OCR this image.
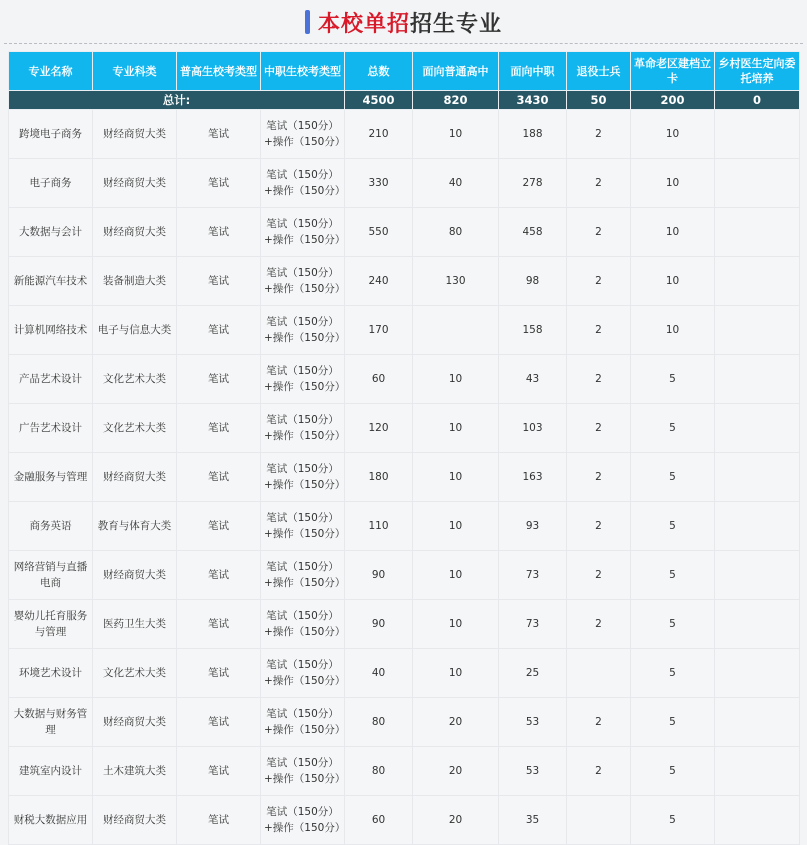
本校单招招生专业
专业名称	专业科类	普高生校考类型	中职生校考类型	总数	面向普通高中	面向中职	退役士兵	革命老区建档立卡	乡村医生定向委托培养
总计:				4500	820	3430	50	200	0
跨境电子商务	财经商贸大类	笔试	笔试（150分）+操作（150分）	210	10	188	2	10	
电子商务	财经商贸大类	笔试	笔试（150分）+操作（150分）	330	40	278	2	10	
大数据与会计	财经商贸大类	笔试	笔试（150分）+操作（150分）	550	80	458	2	10	
新能源汽车技术	装备制造大类	笔试	笔试（150分）+操作（150分）	240	130	98	2	10	
计算机网络技术	电子与信息大类	笔试	笔试（150分）+操作（150分）	170		158	2	10	
产品艺术设计	文化艺术大类	笔试	笔试（150分）+操作（150分）	60	10	43	2	5	
广告艺术设计	文化艺术大类	笔试	笔试（150分）+操作（150分）	120	10	103	2	5	
金融服务与管理	财经商贸大类	笔试	笔试（150分）+操作（150分）	180	10	163	2	5	
商务英语	教育与体育大类	笔试	笔试（150分）+操作（150分）	110	10	93	2	5	
网络营销与直播电商	财经商贸大类	笔试	笔试（150分）+操作（150分）	90	10	73	2	5	
婴幼儿托育服务与管理	医药卫生大类	笔试	笔试（150分）+操作（150分）	90	10	73	2	5	
环境艺术设计	文化艺术大类	笔试	笔试（150分）+操作（150分）	40	10	25		5	
大数据与财务管理	财经商贸大类	笔试	笔试（150分）+操作（150分）	80	20	53	2	5	
建筑室内设计	土木建筑大类	笔试	笔试（150分）+操作（150分）	80	20	53	2	5	
财税大数据应用	财经商贸大类	笔试	笔试（150分）+操作（150分）	60	20	35		5	
